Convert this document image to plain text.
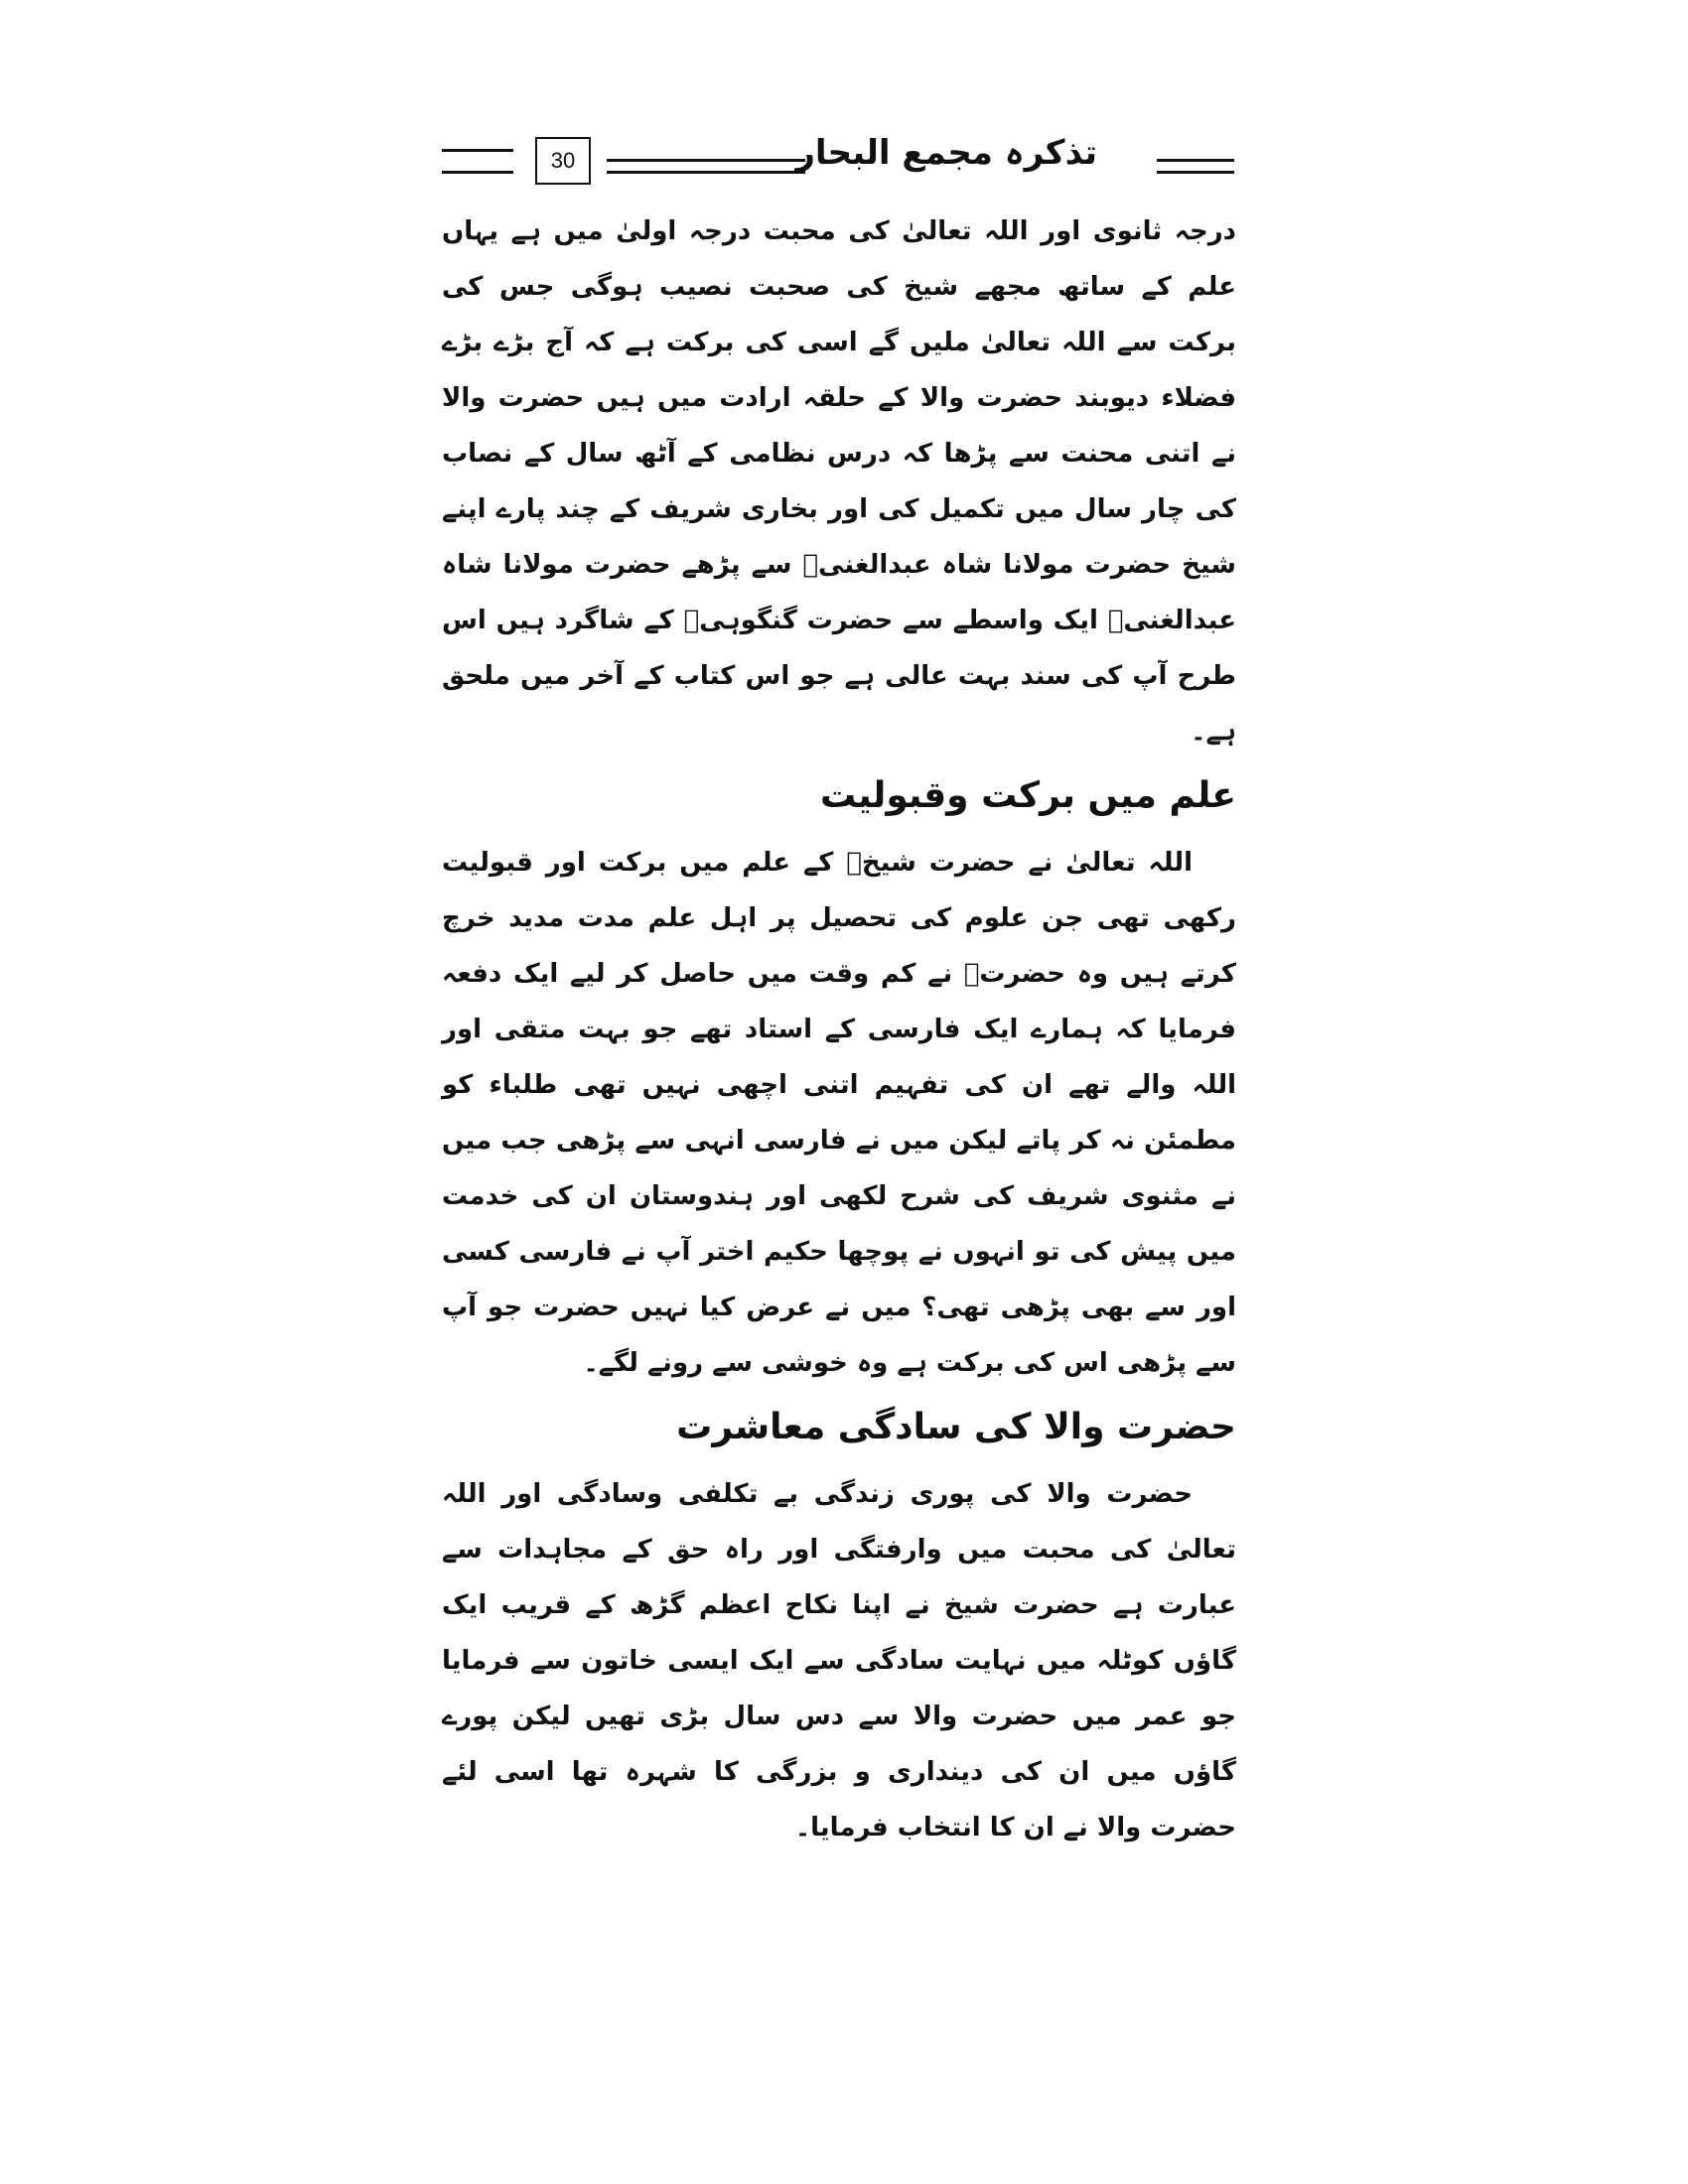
30	تذکرہ مجمع البحار

درجہ ثانوی اور اللہ تعالیٰ کی محبت درجہ اولیٰ میں ہے یہاں علم کے ساتھ مجھے شیخ کی صحبت نصیب ہوگی جس کی برکت سے اللہ تعالیٰ ملیں گے اسی کی برکت ہے کہ آج بڑے بڑے فضلاء دیوبند حضرت والا کے حلقہ ارادت میں ہیں حضرت والا نے اتنی محنت سے پڑھا کہ درس نظامی کے آٹھ سال کے نصاب کی چار سال میں تکمیل کی اور بخاری شریف کے چند پارے اپنے شیخ حضرت مولانا شاہ عبدالغنیؒ سے پڑھے حضرت مولانا شاہ عبدالغنیؒ ایک واسطے سے حضرت گنگوہیؒ کے شاگرد ہیں اس طرح آپ کی سند بہت عالی ہے جو اس کتاب کے آخر میں ملحق ہے۔

علم میں برکت وقبولیت

اللہ تعالیٰ نے حضرت شیخؒ کے علم میں برکت اور قبولیت رکھی تھی جن علوم کی تحصیل پر اہل علم مدت مدید خرچ کرتے ہیں وہ حضرتؒ نے کم وقت میں حاصل کر لیے ایک دفعہ فرمایا کہ ہمارے ایک فارسی کے استاد تھے جو بہت متقی اور اللہ والے تھے ان کی تفہیم اتنی اچھی نہیں تھی طلباء کو مطمئن نہ کر پاتے لیکن میں نے فارسی انہی سے پڑھی جب میں نے مثنوی شریف کی شرح لکھی اور ہندوستان ان کی خدمت میں پیش کی تو انہوں نے پوچھا حکیم اختر آپ نے فارسی کسی اور سے بھی پڑھی تھی؟ میں نے عرض کیا نہیں حضرت جو آپ سے پڑھی اس کی برکت ہے وہ خوشی سے رونے لگے۔

حضرت والا کی سادگی معاشرت

حضرت والا کی پوری زندگی بے تکلفی وسادگی اور اللہ تعالیٰ کی محبت میں وارفتگی اور راہ حق کے مجاہدات سے عبارت ہے حضرت شیخ نے اپنا نکاح اعظم گڑھ کے قریب ایک گاؤں کوٹلہ میں نہایت سادگی سے ایک ایسی خاتون سے فرمایا جو عمر میں حضرت والا سے دس سال بڑی تھیں لیکن پورے گاؤں میں ان کی دینداری و بزرگی کا شہرہ تھا اسی لئے حضرت والا نے ان کا انتخاب فرمایا۔
